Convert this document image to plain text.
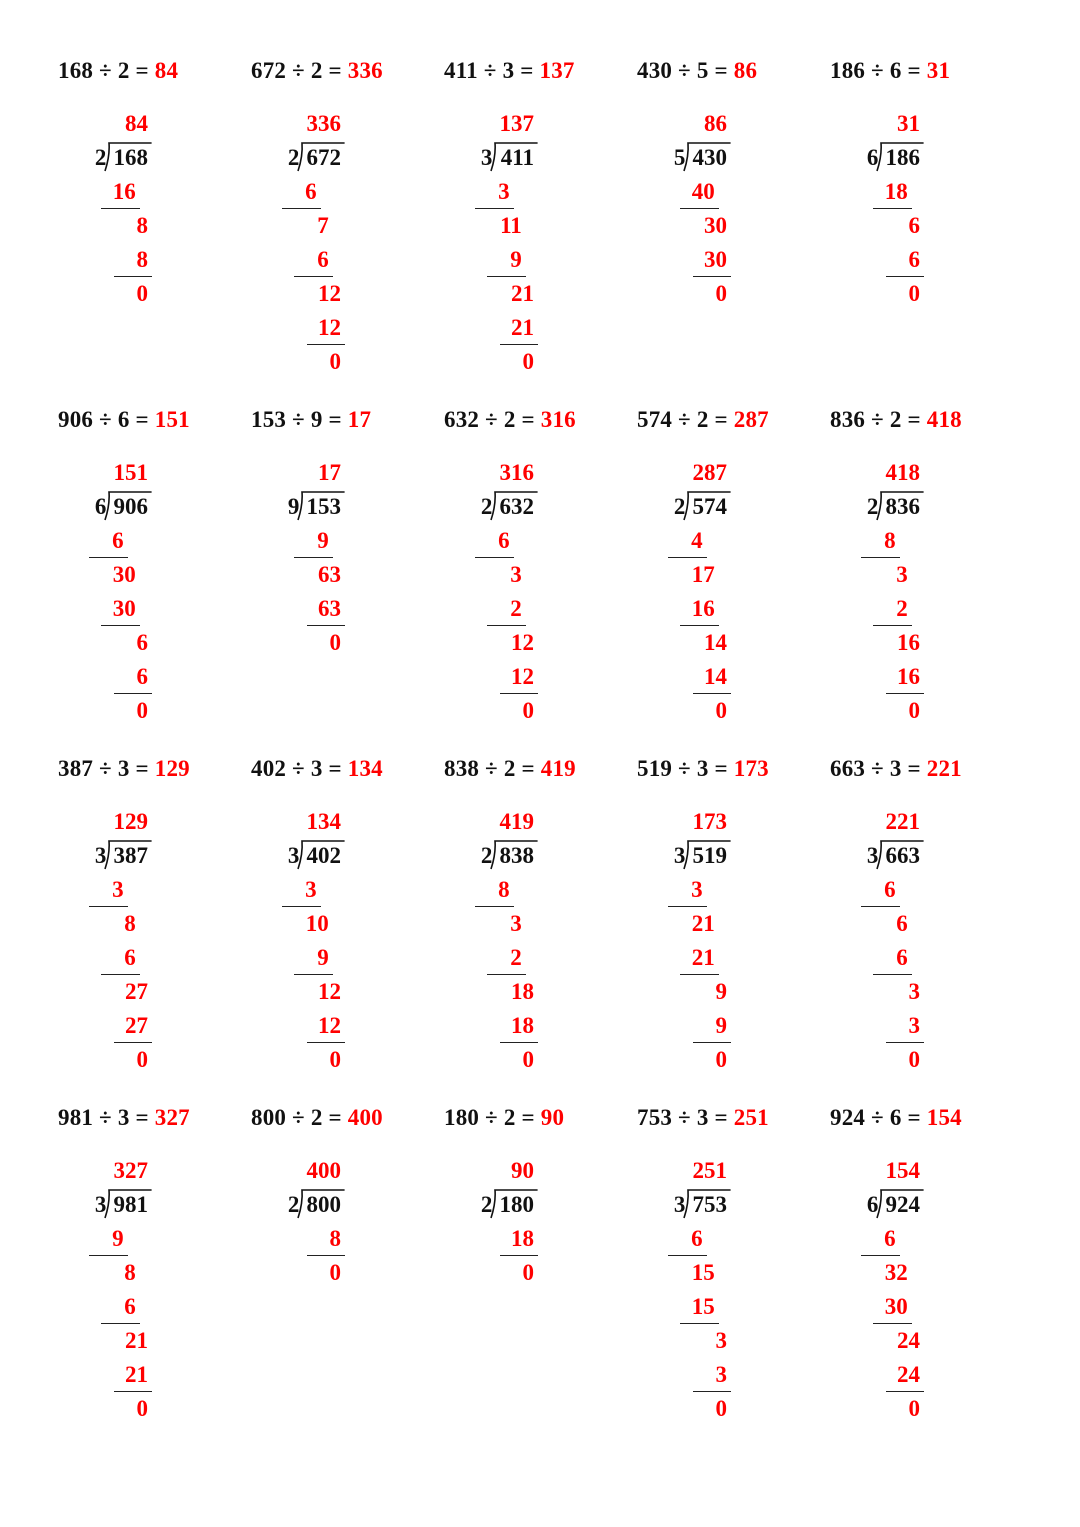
168 ÷ 2 = 84
84
2 168
16
8
8
0
672 ÷ 2 = 336
336
2 672
6
7
6
12
12
0
411 ÷ 3 = 137
137
3 411
3
11
9
21
21
0
430 ÷ 5 = 86
86
5 430
40
30
30
0
186 ÷ 6 = 31
31
6 186
18
6
6
0
906 ÷ 6 = 151
151
6 906
6
30
30
6
6
0
153 ÷ 9 = 17
17
9 153
9
63
63
0
632 ÷ 2 = 316
316
2 632
6
3
2
12
12
0
574 ÷ 2 = 287
287
2 574
4
17
16
14
14
0
836 ÷ 2 = 418
418
2 836
8
3
2
16
16
0
387 ÷ 3 = 129
129
3 387
3
8
6
27
27
0
402 ÷ 3 = 134
134
3 402
3
10
9
12
12
0
838 ÷ 2 = 419
419
2 838
8
3
2
18
18
0
519 ÷ 3 = 173
173
3 519
3
21
21
9
9
0
663 ÷ 3 = 221
221
3 663
6
6
6
3
3
0
981 ÷ 3 = 327
327
3 981
9
8
6
21
21
0
800 ÷ 2 = 400
400
2 800
8
0
180 ÷ 2 = 90
90
2 180
18
0
753 ÷ 3 = 251
251
3 753
6
15
15
3
3
0
924 ÷ 6 = 154
154
6 924
6
32
30
24
24
0
